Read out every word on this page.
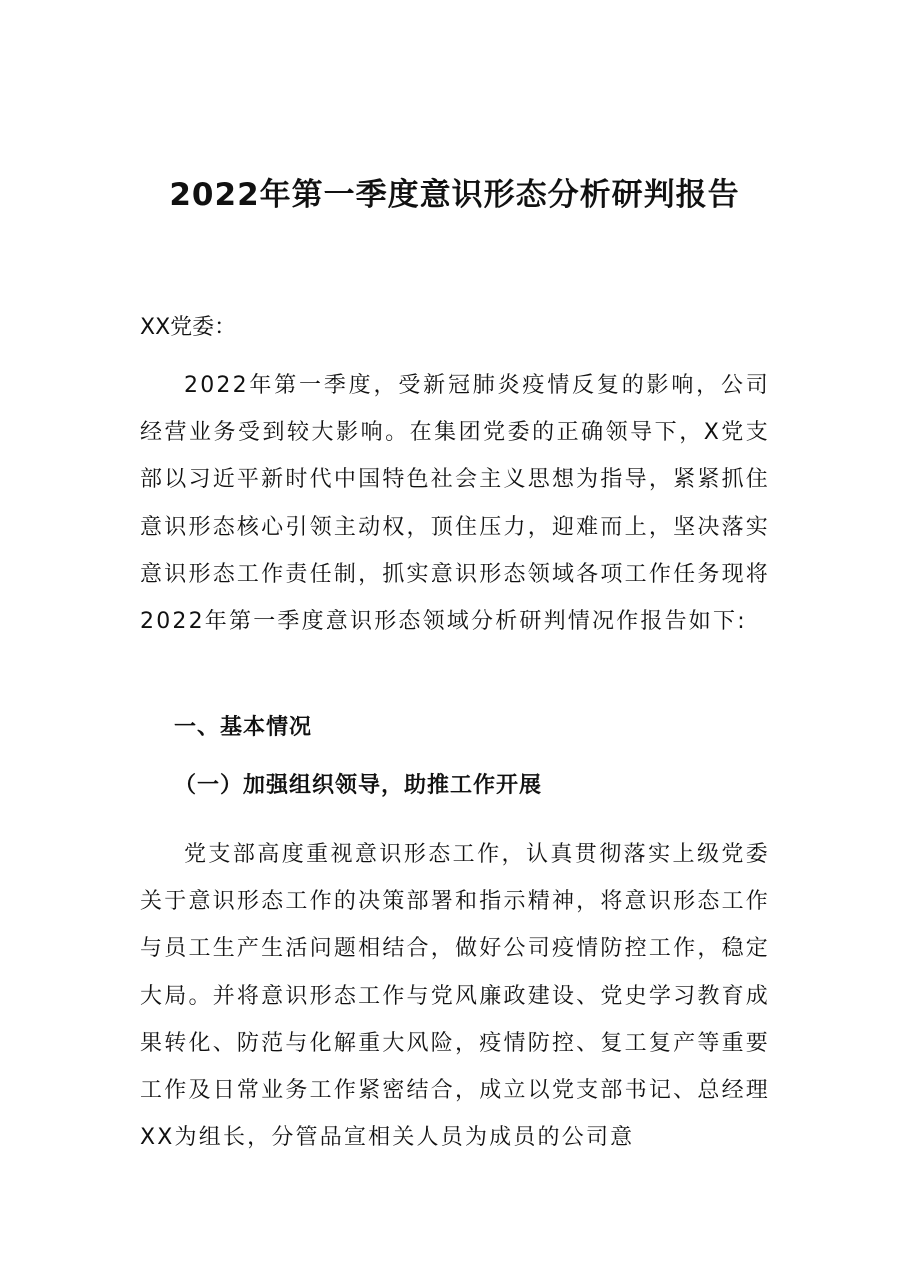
2022年第一季度意识形态分析研判报告
XX党委：

2022年第一季度，受新冠肺炎疫情反复的影响，公司经营业务受到较大影响。在集团党委的正确领导下，X党支部以习近平新时代中国特色社会主义思想为指导，紧紧抓住意识形态核心引领主动权，顶住压力，迎难而上，坚决落实意识形态工作责任制，抓实意识形态领域各项工作任务现将2022年第一季度意识形态领域分析研判情况作报告如下:

一、基本情况
（一）加强组织领导，助推工作开展

党支部高度重视意识形态工作，认真贯彻落实上级党委关于意识形态工作的决策部署和指示精神，将意识形态工作与员工生产生活问题相结合，做好公司疫情防控工作，稳定大局。并将意识形态工作与党风廉政建设、党史学习教育成果转化、防范与化解重大风险，疫情防控、复工复产等重要工作及日常业务工作紧密结合，成立以党支部书记、总经理XX为组长，分管品宣相关人员为成员的公司意
